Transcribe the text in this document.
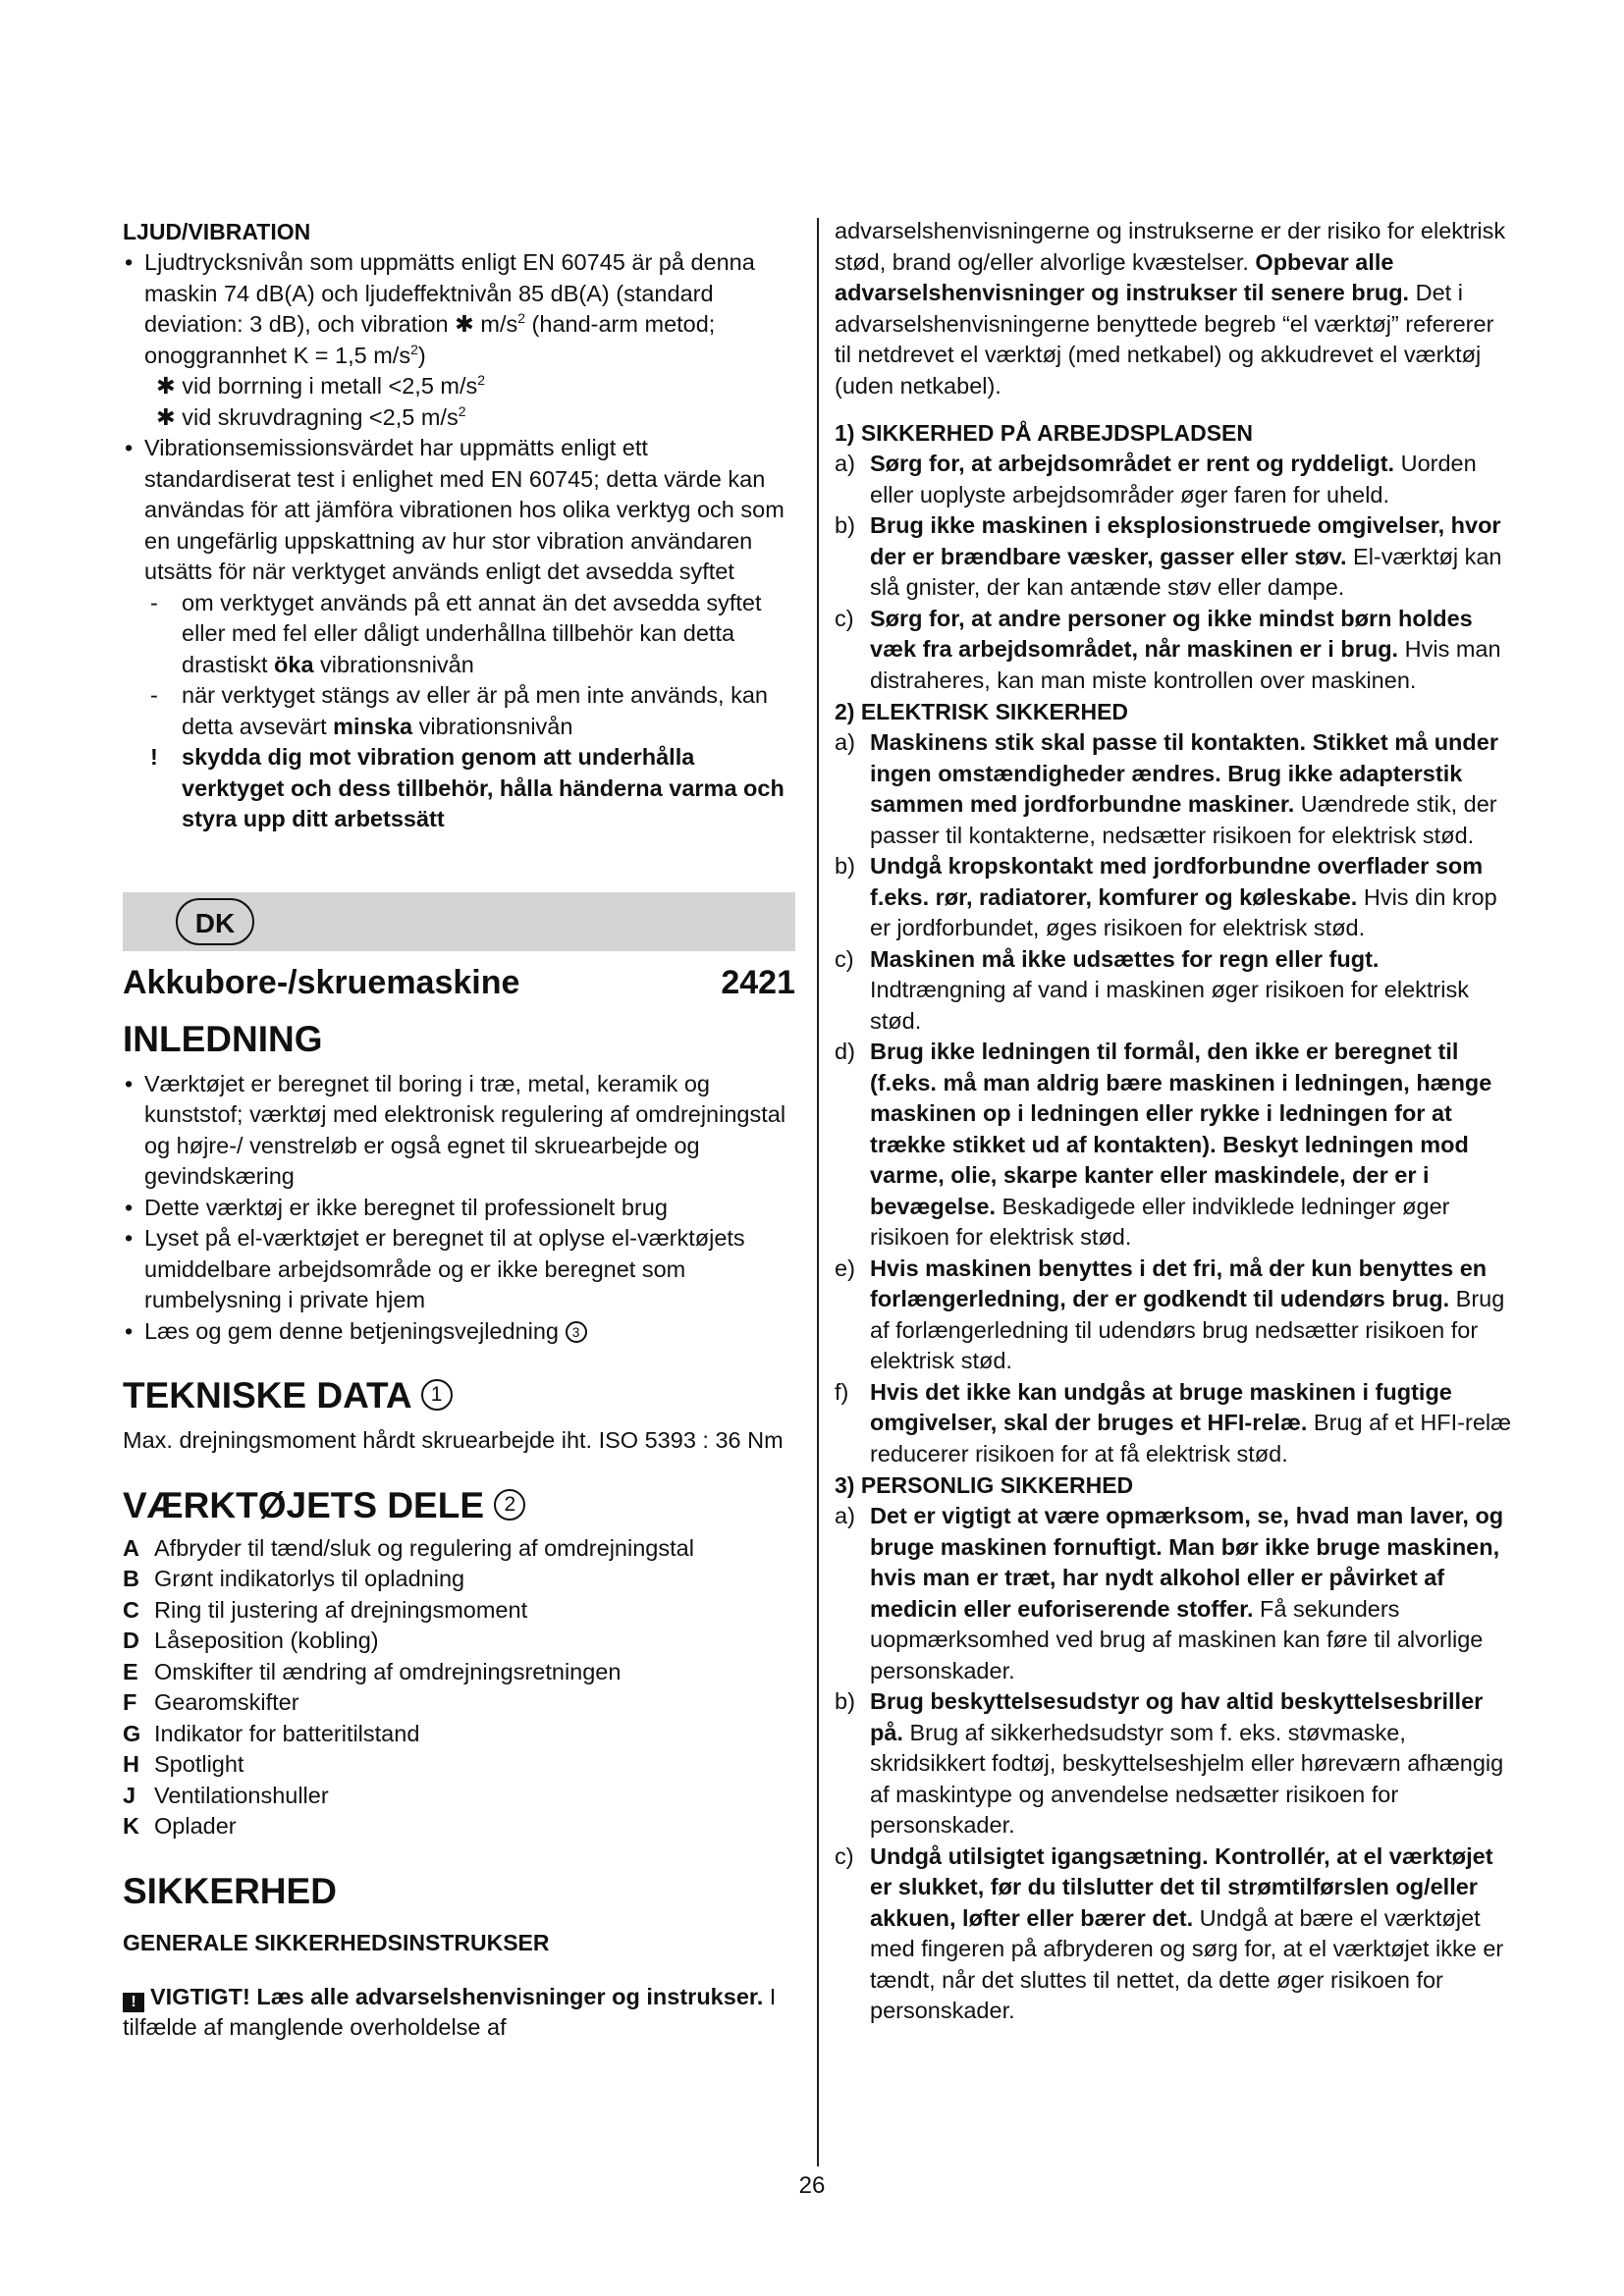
LJUD/VIBRATION

• Ljudtrycksnivån som uppmätts enligt EN 60745 är på denna maskin 74 dB(A) och ljudeffektnivån 85 dB(A) (standard deviation: 3 dB), och vibration ✱ $m/s^2$ (hand-arm metod; onoggrannhet K = 1,5 $m/s^2$)
✱ vid borrning i metall <2,5 $m/s^2$
✱ vid skruvdragning <2,5 $m/s^2$
• Vibrationsemissionsvärdet har uppmätts enligt ett standardiserat test i enlighet med EN 60745; detta värde kan användas för att jämföra vibrationen hos olika verktyg och som en ungefärlig uppskattning av hur stor vibration användaren utsätts för när verktyget används enligt det avsedda syftet
- om verktyget används på ett annat än det avsedda syftet eller med fel eller dåligt underhållna tillbehör kan detta drastiskt öka vibrationsnivån
- när verktyget stängs av eller är på men inte används, kan detta avsevärt minska vibrationsnivån
! skydda dig mot vibration genom att underhålla verktyget och dess tillbehör, hålla händerna varma och styra upp ditt arbetssätt
DK
Akkubore-/skruemaskine	2421

INLEDNING

• Værktøjet er beregnet til boring i træ, metal, keramik og kunststof; værktøj med elektronisk regulering af omdrejningstal og højre-/ venstreløb er også egnet til skruearbejde og gevindskæring
• Dette værktøj er ikke beregnet til professionelt brug
• Lyset på el-værktøjet er beregnet til at oplyse el-værktøjets umiddelbare arbejdsområde og er ikke beregnet som rumbelysning i private hjem
• Læs og gem denne betjeningsvejledning 3

TEKNISKE DATA 1

Max. drejningsmoment hårdt skruearbejde iht. ISO 5393 : 36 Nm

VÆRKTØJETS DELE 2

A Afbryder til tænd/sluk og regulering af omdrejningstal
B Grønt indikatorlys til opladning
C Ring til justering af drejningsmoment
D Låseposition (kobling)
E Omskifter til ændring af omdrejningsretningen
F Gearomskifter
G Indikator for batteritilstand
H Spotlight
J Ventilationshuller
K Oplader

SIKKERHED

GENERALE SIKKERHEDSINSTRUKSER

! VIGTIGT! Læs alle advarselshenvisninger og instrukser. I tilfælde af manglende overholdelse af

advarselshenvisningerne og instrukserne er der risiko for elektrisk stød, brand og/eller alvorlige kvæstelser. Opbevar alle advarselshenvisninger og instrukser til senere brug. Det i advarselshenvisningerne benyttede begreb “el værktøj” refererer til netdrevet el værktøj (med netkabel) og akkudrevet el værktøj (uden netkabel).

1) SIKKERHED PÅ ARBEJDSPLADSEN

a) Sørg for, at arbejdsområdet er rent og ryddeligt. Uorden eller uoplyste arbejdsområder øger faren for uheld.
b) Brug ikke maskinen i eksplosionstruede omgivelser, hvor der er brændbare væsker, gasser eller støv. El-værktøj kan slå gnister, der kan antænde støv eller dampe.
c) Sørg for, at andre personer og ikke mindst børn holdes væk fra arbejdsområdet, når maskinen er i brug. Hvis man distraheres, kan man miste kontrollen over maskinen.

2) ELEKTRISK SIKKERHED

a) Maskinens stik skal passe til kontakten. Stikket må under ingen omstændigheder ændres. Brug ikke adapterstik sammen med jordforbundne maskiner. Uændrede stik, der passer til kontakterne, nedsætter risikoen for elektrisk stød.
b) Undgå kropskontakt med jordforbundne overflader som f.eks. rør, radiatorer, komfurer og køleskabe. Hvis din krop er jordforbundet, øges risikoen for elektrisk stød.
c) Maskinen må ikke udsættes for regn eller fugt. Indtrængning af vand i maskinen øger risikoen for elektrisk stød.
d) Brug ikke ledningen til formål, den ikke er beregnet til (f.eks. må man aldrig bære maskinen i ledningen, hænge maskinen op i ledningen eller rykke i ledningen for at trække stikket ud af kontakten). Beskyt ledningen mod varme, olie, skarpe kanter eller maskindele, der er i bevægelse. Beskadigede eller indviklede ledninger øger risikoen for elektrisk stød.
e) Hvis maskinen benyttes i det fri, må der kun benyttes en forlængerledning, der er godkendt til udendørs brug. Brug af forlængerledning til udendørs brug nedsætter risikoen for elektrisk stød.
f) Hvis det ikke kan undgås at bruge maskinen i fugtige omgivelser, skal der bruges et HFI-relæ. Brug af et HFI-relæ reducerer risikoen for at få elektrisk stød.

3) PERSONLIG SIKKERHED

a) Det er vigtigt at være opmærksom, se, hvad man laver, og bruge maskinen fornuftigt. Man bør ikke bruge maskinen, hvis man er træt, har nydt alkohol eller er påvirket af medicin eller euforiserende stoffer. Få sekunders uopmærksomhed ved brug af maskinen kan føre til alvorlige personskader.
b) Brug beskyttelsesudstyr og hav altid beskyttelsesbriller på. Brug af sikkerhedsudstyr som f. eks. støvmaske, skridsikkert fodtøj, beskyttelseshjelm eller høreværn afhængig af maskintype og anvendelse nedsætter risikoen for personskader.
c) Undgå utilsigtet igangsætning. Kontrollér, at el værktøjet er slukket, før du tilslutter det til strømtilførslen og/eller akkuen, løfter eller bærer det. Undgå at bære el værktøjet med fingeren på afbryderen og sørg for, at el værktøjet ikke er tændt, når det sluttes til nettet, da dette øger risikoen for personskader.
26
